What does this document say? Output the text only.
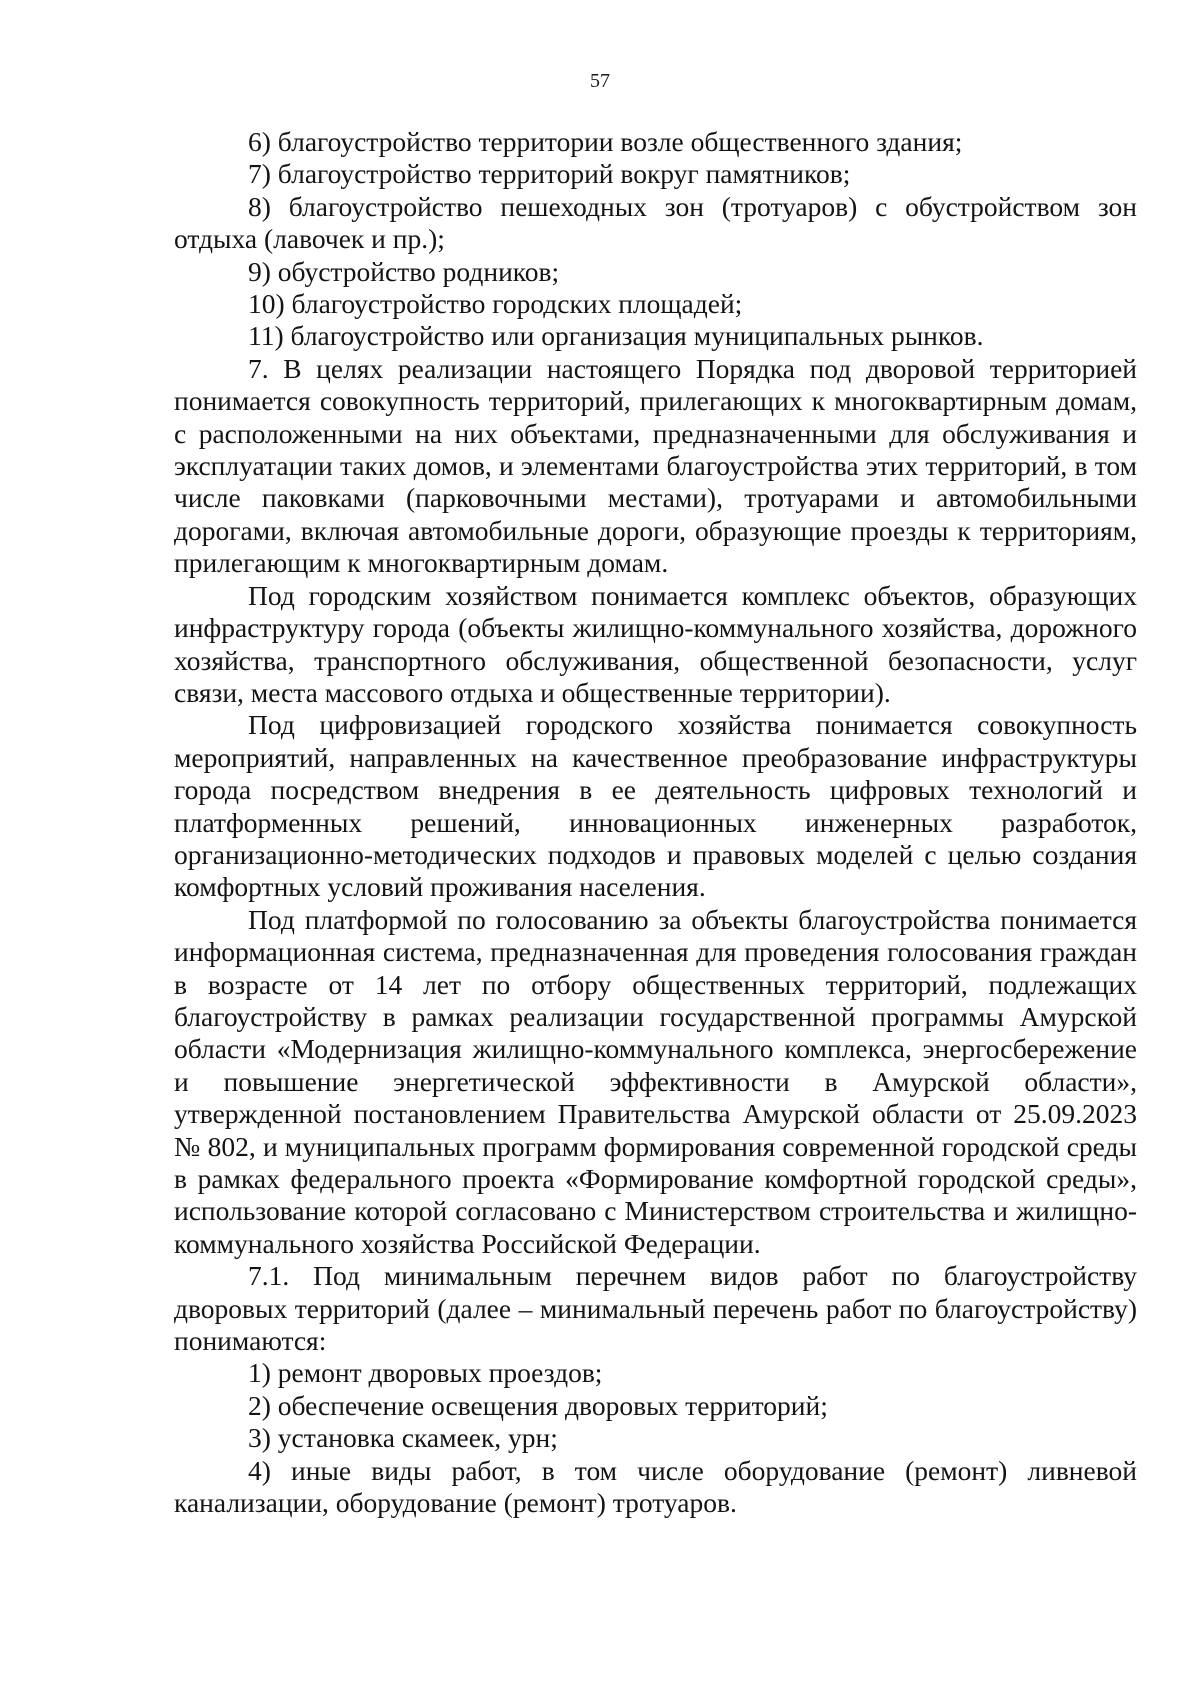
57

6) благоустройство территории возле общественного здания;

7) благоустройство территорий вокруг памятников;

8) благоустройство пешеходных зон (тротуаров) с обустройством зон отдыха (лавочек и пр.);

9) обустройство родников;

10) благоустройство городских площадей;

11) благоустройство или организация муниципальных рынков.

7. В целях реализации настоящего Порядка под дворовой территорией понимается совокупность территорий, прилегающих к многоквартирным домам, с расположенными на них объектами, предназначенными для обслуживания и эксплуатации таких домов, и элементами благоустройства этих территорий, в том числе паковками (парковочными местами), тротуарами и автомобильными дорогами, включая автомобильные дороги, образующие проезды к территориям, прилегающим к многоквартирным домам.

Под городским хозяйством понимается комплекс объектов, образующих инфраструктуру города (объекты жилищно-коммунального хозяйства, дорожного хозяйства, транспортного обслуживания, общественной безопасности, услуг связи, места массового отдыха и общественные территории).

Под цифровизацией городского хозяйства понимается совокупность мероприятий, направленных на качественное преобразование инфраструктуры города посредством внедрения в ее деятельность цифровых технологий и платформенных решений, инновационных инженерных разработок, организационно-методических подходов и правовых моделей с целью создания комфортных условий проживания населения.

Под платформой по голосованию за объекты благоустройства понимается информационная система, предназначенная для проведения голосования граждан в возрасте от 14 лет по отбору общественных территорий, подлежащих благоустройству в рамках реализации государственной программы Амурской области «Модернизация жилищно-коммунального комплекса, энергосбережение и повышение энергетической эффективности в Амурской области», утвержденной постановлением Правительства Амурской области от 25.09.2023 № 802, и муниципальных программ формирования современной городской среды в рамках федерального проекта «Формирование комфортной городской среды», использование которой согласовано с Министерством строительства и жилищно-коммунального хозяйства Российской Федерации.

7.1. Под минимальным перечнем видов работ по благоустройству дворовых территорий (далее – минимальный перечень работ по благоустройству) понимаются:

1) ремонт дворовых проездов;

2) обеспечение освещения дворовых территорий;

3) установка скамеек, урн;

4) иные виды работ, в том числе оборудование (ремонт) ливневой канализации, оборудование (ремонт) тротуаров.
